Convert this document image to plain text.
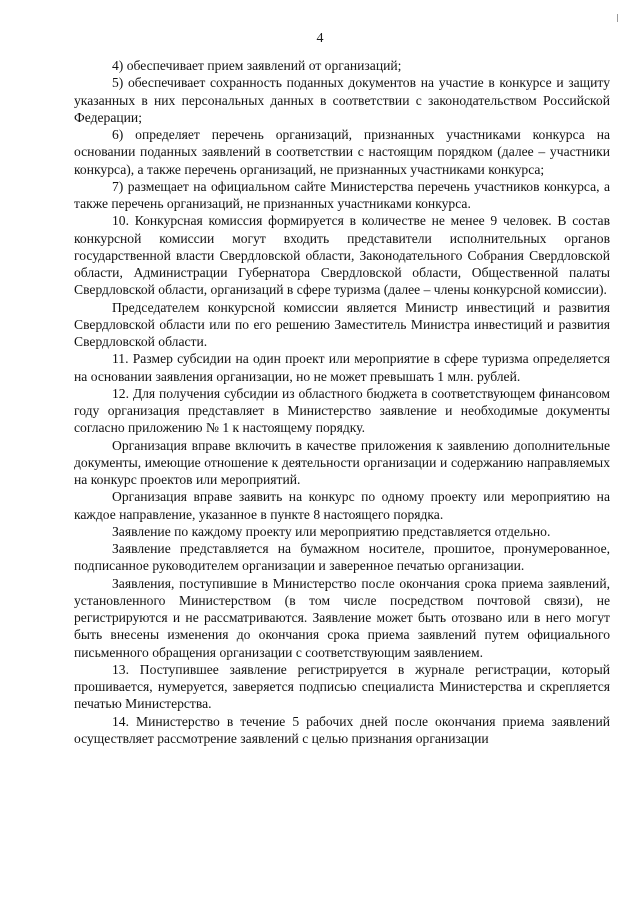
4

4) обеспечивает прием заявлений от организаций;

5) обеспечивает сохранность поданных документов на участие в конкурсе и защиту указанных в них персональных данных в соответствии с законодательством Российской Федерации;

6) определяет перечень организаций, признанных участниками конкурса на основании поданных заявлений в соответствии с настоящим порядком (далее – участники конкурса), а также перечень организаций, не признанных участниками конкурса;

7) размещает на официальном сайте Министерства перечень участников конкурса, а также перечень организаций, не признанных участниками конкурса.

10. Конкурсная комиссия формируется в количестве не менее 9 человек. В состав конкурсной комиссии могут входить представители исполнительных органов государственной власти Свердловской области, Законодательного Собрания Свердловской области, Администрации Губернатора Свердловской области, Общественной палаты Свердловской области, организаций в сфере туризма (далее – члены конкурсной комиссии).

Председателем конкурсной комиссии является Министр инвестиций и развития Свердловской области или по его решению Заместитель Министра инвестиций и развития Свердловской области.

11. Размер субсидии на один проект или мероприятие в сфере туризма определяется на основании заявления организации, но не может превышать 1 млн. рублей.

12. Для получения субсидии из областного бюджета в соответствующем финансовом году организация представляет в Министерство заявление и необходимые документы согласно приложению № 1 к настоящему порядку.

Организация вправе включить в качестве приложения к заявлению дополнительные документы, имеющие отношение к деятельности организации и содержанию направляемых на конкурс проектов или мероприятий.

Организация вправе заявить на конкурс по одному проекту или мероприятию на каждое направление, указанное в пункте 8 настоящего порядка.

Заявление по каждому проекту или мероприятию представляется отдельно.

Заявление представляется на бумажном носителе, прошитое, пронумерованное, подписанное руководителем организации и заверенное печатью организации.

Заявления, поступившие в Министерство после окончания срока приема заявлений, установленного Министерством (в том числе посредством почтовой связи), не регистрируются и не рассматриваются. Заявление может быть отозвано или в него могут быть внесены изменения до окончания срока приема заявлений путем официального письменного обращения организации с соответствующим заявлением.

13. Поступившее заявление регистрируется в журнале регистрации, который прошивается, нумеруется, заверяется подписью специалиста Министерства и скрепляется печатью Министерства.

14. Министерство в течение 5 рабочих дней после окончания приема заявлений осуществляет рассмотрение заявлений с целью признания организации
